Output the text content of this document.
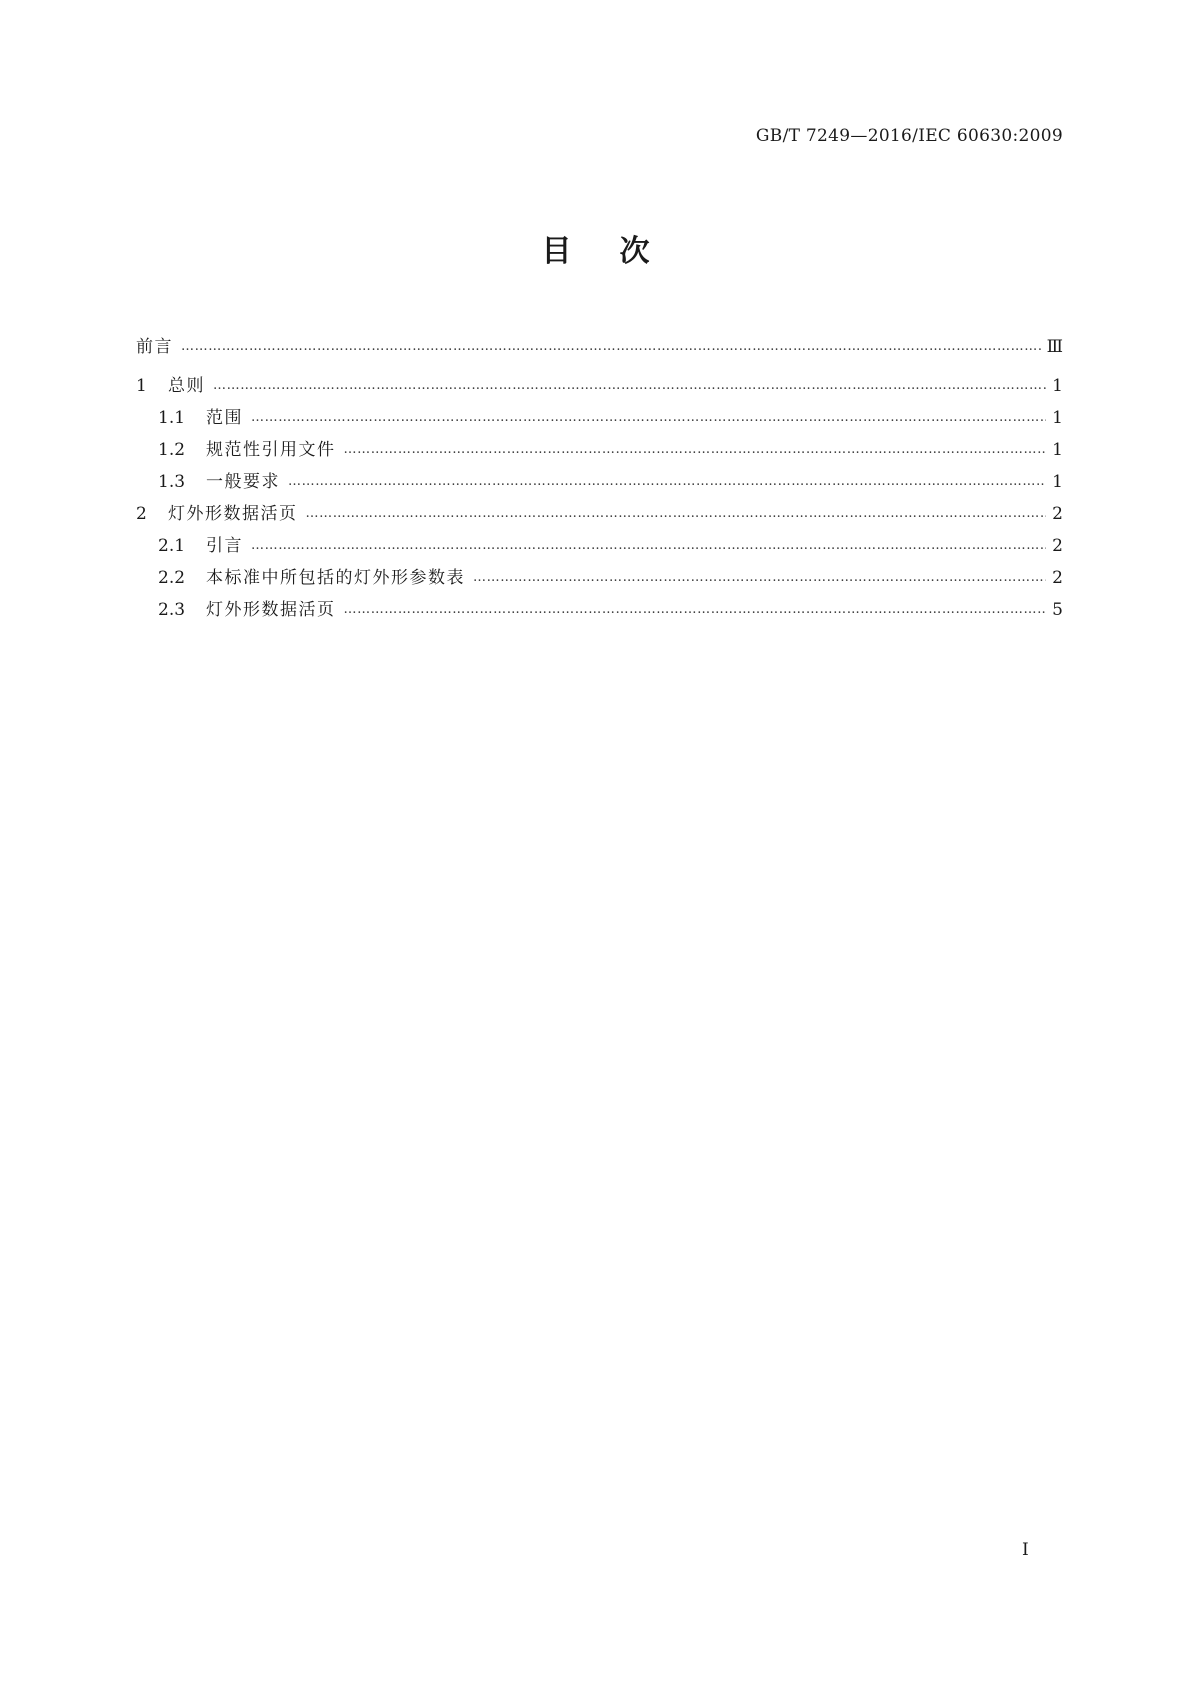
GB/T 7249—2016/IEC 60630:2009
目次
前言 ……………………………………………………………………………………………………………………………………………………………………………………………………………………………………	Ⅲ
1	总则 ……………………………………………………………………………………………………………………………………………………………………………………………………………………………………	1
1.1	范围 ……………………………………………………………………………………………………………………………………………………………………………………………………………………………………	1
1.2	规范性引用文件 ……………………………………………………………………………………………………………………………………………………………………………………………………………………………………	1
1.3	一般要求 ……………………………………………………………………………………………………………………………………………………………………………………………………………………………………	1
2	灯外形数据活页 ……………………………………………………………………………………………………………………………………………………………………………………………………………………………………	2
2.1	引言 ……………………………………………………………………………………………………………………………………………………………………………………………………………………………………	2
2.2	本标准中所包括的灯外形参数表 ……………………………………………………………………………………………………………………………………………………………………………………………………………………………………	2
2.3	灯外形数据活页 ……………………………………………………………………………………………………………………………………………………………………………………………………………………………………	5
I
